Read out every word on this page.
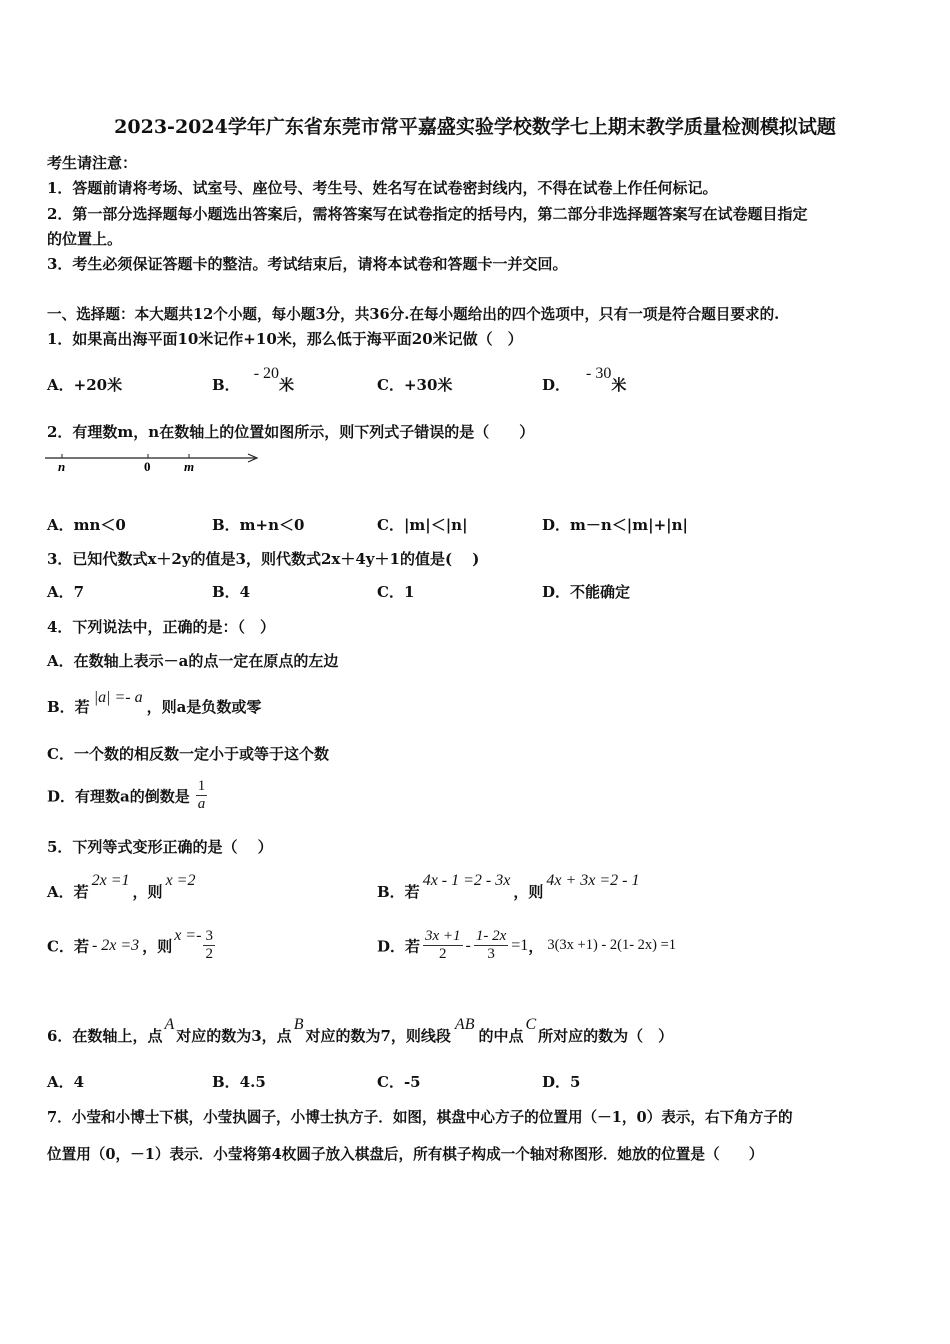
2023-2024学年广东省东莞市常平嘉盛实验学校数学七上期末教学质量检测模拟试题
考生请注意：
1．答题前请将考场、试室号、座位号、考生号、姓名写在试卷密封线内，不得在试卷上作任何标记。
2．第一部分选择题每小题选出答案后，需将答案写在试卷指定的括号内，第二部分非选择题答案写在试卷题目指定
的位置上。
3．考生必须保证答题卡的整洁。考试结束后，请将本试卷和答题卡一并交回。
一、选择题：本大题共12个小题，每小题3分，共36分.在每小题给出的四个选项中，只有一项是符合题目要求的.
1．如果高出海平面10米记作+10米，那么低于海平面20米记做（　）
A．+20米	B．- 20米	C．+30米	D．- 30米
2．有理数m，n在数轴上的位置如图所示，则下列式子错误的是（　　）
n	0	m
A．mn＜0	B．m+n＜0	C．|m|＜|n|	D．m－n＜|m|+|n|
3．已知代数式x＋2y的值是3，则代数式2x＋4y＋1的值是(　 )
A．7	B．4	C．1	D．不能确定
4．下列说法中，正确的是：（　）
A．在数轴上表示－a的点一定在原点的左边
B．若|a| =- a，则a是负数或零
C．一个数的相反数一定小于或等于这个数
D．有理数a的倒数是 $\frac{1}{a}$
5．下列等式变形正确的是（　 ）
A．若2x =1，则x =2
B．若4x - 1 =2 - 3x，则4x + 3x =2 - 1
C．若 - 2x =3 ，则$x =- \frac{3}{2}$	D．若 $\frac{3x +1}{2} - \frac{1- 2x}{3} =1$， 3(3x +1) - 2(1- 2x) =1
6．在数轴上，点A对应的数为3，点B对应的数为7，则线段AB的中点C所对应的数为（　）
A．4	B．4.5	C．-5	D．5
7．小莹和小博士下棋，小莹执圆子，小博士执方子．如图，棋盘中心方子的位置用（－1，0）表示，右下角方子的
位置用（0，－1）表示．小莹将第4枚圆子放入棋盘后，所有棋子构成一个轴对称图形．她放的位置是（　　）
